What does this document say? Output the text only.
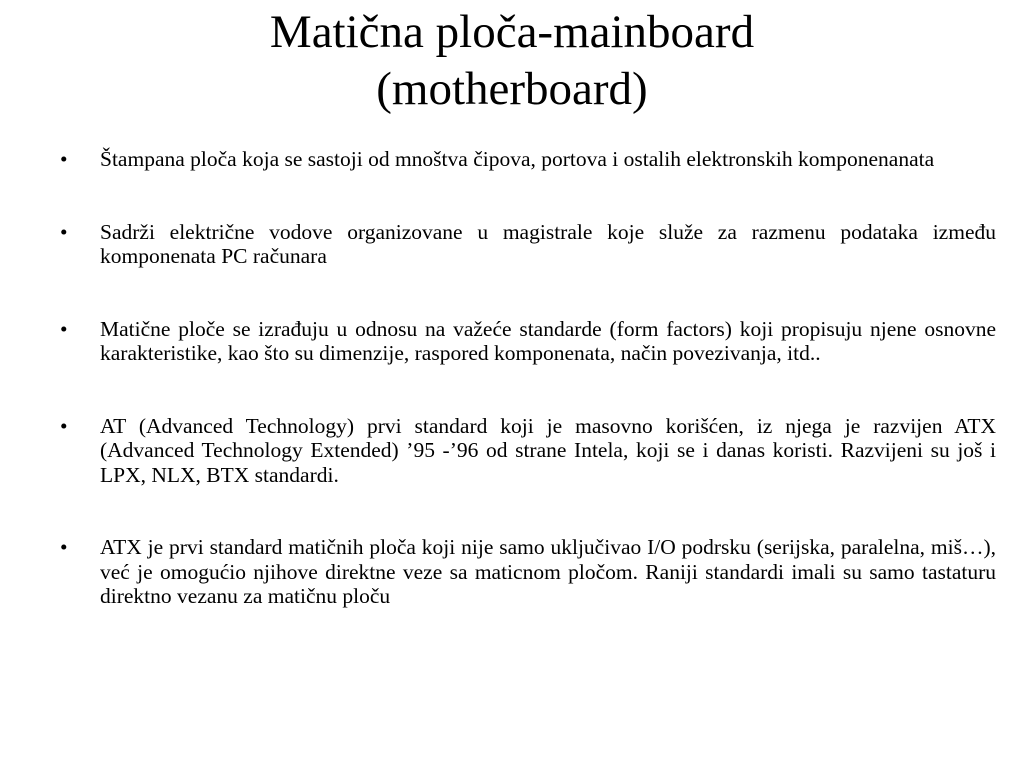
Matična ploča-mainboard
(motherboard)
•	Štampana ploča koja se sastoji od mnoštva čipova, portova i ostalih elektronskih komponenanata
•	Sadrži električne vodove organizovane u magistrale koje služe za razmenu podataka između komponenata PC računara
•	Matične ploče se izrađuju u odnosu na važeće standarde (form factors) koji propisuju njene osnovne karakteristike, kao što su dimenzije, raspored komponenata, način povezivanja, itd..
•	AT (Advanced Technology) prvi standard koji je masovno korišćen, iz njega je razvijen ATX (Advanced Technology Extended) ’95 -’96 od strane Intela, koji se i danas koristi. Razvijeni su još i LPX, NLX, BTX standardi.
•	ATX je prvi standard matičnih ploča koji nije samo uključivao I/O podrsku (serijska, paralelna, miš…), već je omogućio njihove direktne veze sa maticnom pločom. Raniji standardi imali su samo tastaturu direktno vezanu za matičnu ploču
